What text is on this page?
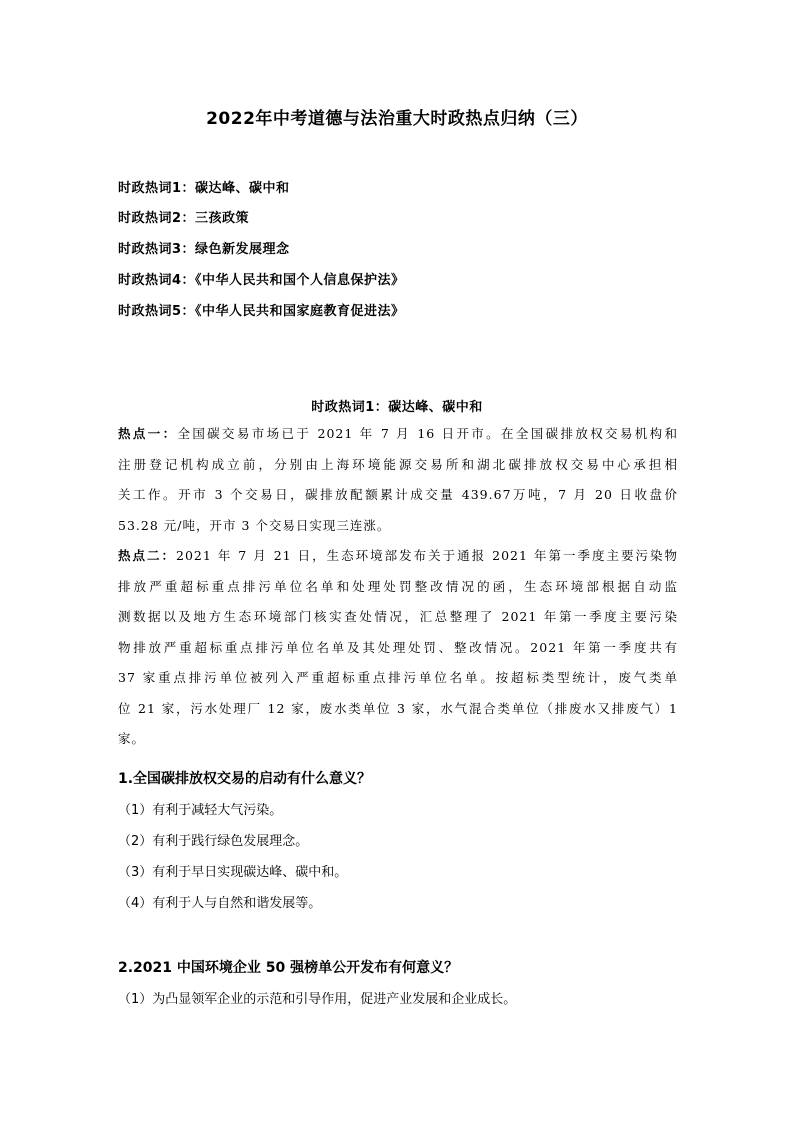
2022年中考道德与法治重大时政热点归纳（三）
时政热词1：碳达峰、碳中和
时政热词2：三孩政策
时政热词3：绿色新发展理念
时政热词4：《中华人民共和国个人信息保护法》
时政热词5：《中华人民共和国家庭教育促进法》
时政热词1：碳达峰、碳中和
热点一：全国碳交易市场已于 2021 年 7 月 16 日开市。在全国碳排放权交易机构和
注册登记机构成立前，分别由上海环境能源交易所和湖北碳排放权交易中心承担相
关工作。开市 3 个交易日，碳排放配额累计成交量 439.67万吨，7 月 20 日收盘价
53.28 元/吨，开市 3 个交易日实现三连涨。
热点二：2021 年 7 月 21 日，生态环境部发布关于通报 2021 年第一季度主要污染物
排放严重超标重点排污单位名单和处理处罚整改情况的函，生态环境部根据自动监
测数据以及地方生态环境部门核实查处情况，汇总整理了 2021 年第一季度主要污染
物排放严重超标重点排污单位名单及其处理处罚、整改情况。2021 年第一季度共有
37 家重点排污单位被列入严重超标重点排污单位名单。按超标类型统计，废气类单
位 21 家，污水处理厂 12 家，废水类单位 3 家，水气混合类单位（排废水又排废气）1
家。
1.全国碳排放权交易的启动有什么意义？
（1）有利于减轻大气污染。
（2）有利于践行绿色发展理念。
（3）有利于早日实现碳达峰、碳中和。
（4）有利于人与自然和谐发展等。
2.2021 中国环境企业 50 强榜单公开发布有何意义？
（1）为凸显领军企业的示范和引导作用，促进产业发展和企业成长。
